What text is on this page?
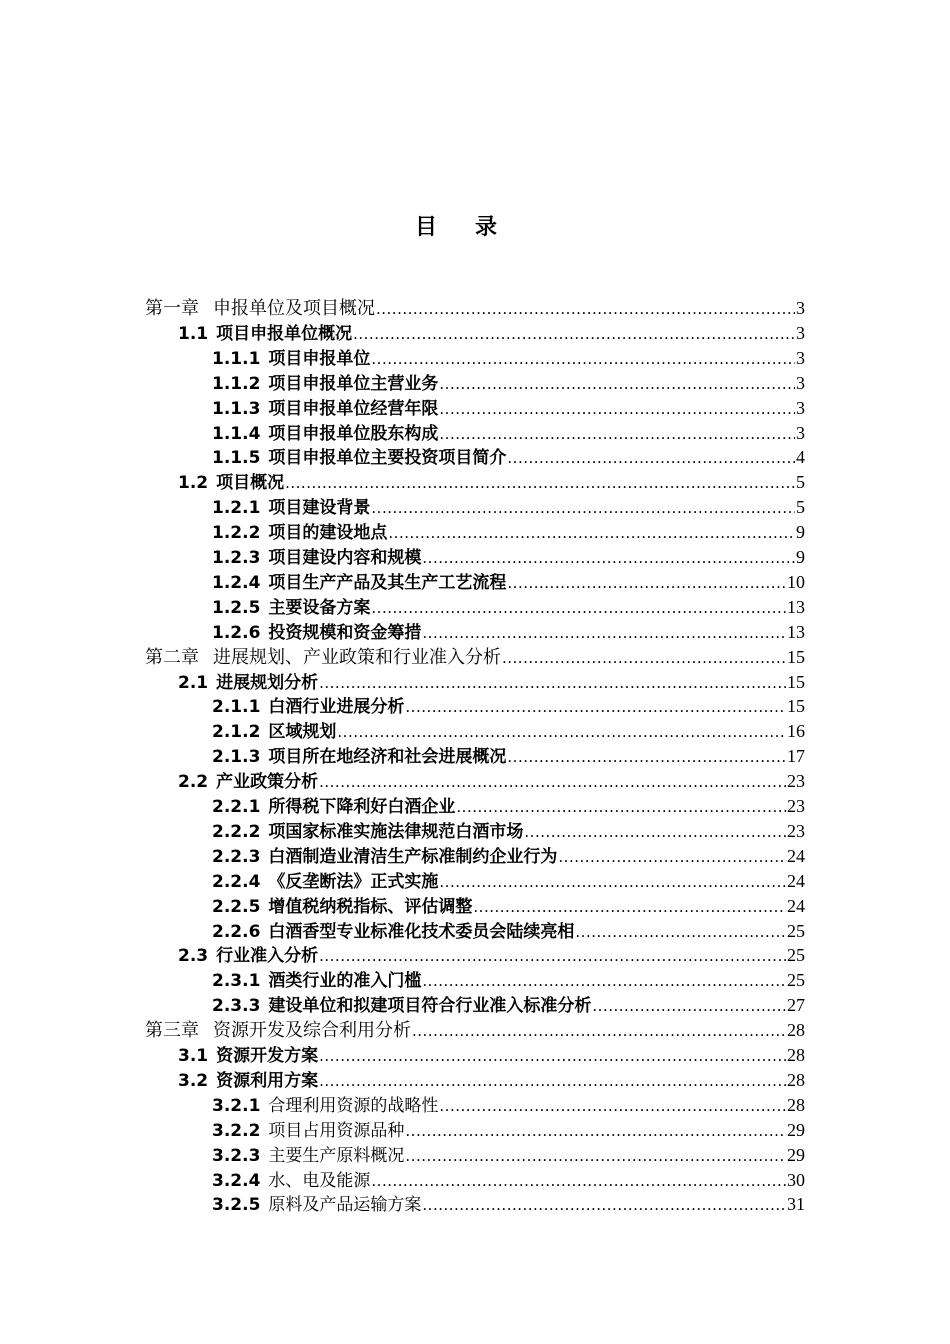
目录
第一章 申报单位及项目概况 .....	3
1.1 项目申报单位概况 .....	3
1.1.1 项目申报单位 .....	3
1.1.2 项目申报单位主营业务 .....	3
1.1.3 项目申报单位经营年限 .....	3
1.1.4 项目申报单位股东构成 .....	3
1.1.5 项目申报单位主要投资项目简介 .....	4
1.2 项目概况 .....	5
1.2.1 项目建设背景 .....	5
1.2.2 项目的建设地点 .....	9
1.2.3 项目建设内容和规模 .....	9
1.2.4 项目生产产品及其生产工艺流程 .....	10
1.2.5 主要设备方案 .....	13
1.2.6 投资规模和资金筹措 .....	13
第二章 进展规划、产业政策和行业准入分析 .....	15
2.1 进展规划分析 .....	15
2.1.1 白酒行业进展分析 .....	15
2.1.2 区域规划 .....	16
2.1.3 项目所在地经济和社会进展概况 .....	17
2.2 产业政策分析 .....	23
2.2.1 所得税下降利好白酒企业 .....	23
2.2.2 项国家标准实施法律规范白酒市场 .....	23
2.2.3 白酒制造业清洁生产标准制约企业行为 .....	24
2.2.4 《反垄断法》正式实施 .....	24
2.2.5 增值税纳税指标、评估调整 .....	24
2.2.6 白酒香型专业标准化技术委员会陆续亮相 .....	25
2.3 行业准入分析 .....	25
2.3.1 酒类行业的准入门槛 .....	25
2.3.3 建设单位和拟建项目符合行业准入标准分析 .....	27
第三章 资源开发及综合利用分析 .....	28
3.1 资源开发方案 .....	28
3.2 资源利用方案 .....	28
3.2.1 合理利用资源的战略性 .....	28
3.2.2 项目占用资源品种 .....	29
3.2.3 主要生产原料概况 .....	29
3.2.4 水、电及能源 .....	30
3.2.5 原料及产品运输方案 .....	31
